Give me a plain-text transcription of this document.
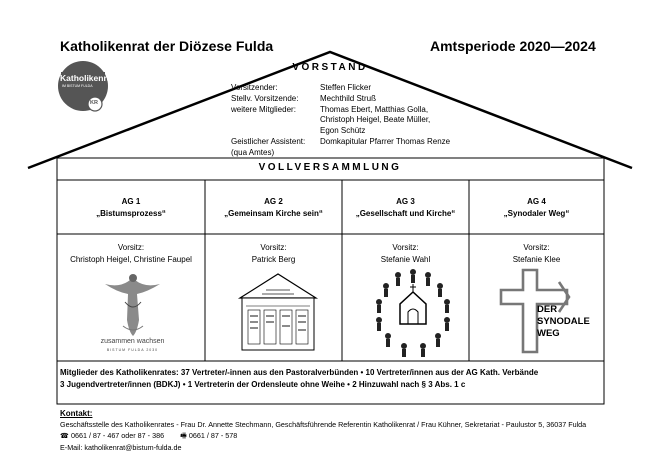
Katholikenrat der Diözese Fulda	Amtsperiode 2020—2024
Katholikenrat
IM BISTUM FULDA
KR
VORSTAND
Vorsitzender:
Stellv. Vorsitzende:
weitere Mitglieder:
Geistlicher Assistent:
(qua Amtes)
Steffen Flicker
Mechthild Struß
Thomas Ebert, Matthias Golla,
Christoph Heigel, Beate Müller,
Egon Schütz
Domkapitular Pfarrer Thomas Renze
VOLLVERSAMMLUNG
AG 1
„Bistumsprozess“
AG 2
„Gemeinsam Kirche sein“
AG 3
„Gesellschaft und Kirche“
AG 4
„Synodaler Weg“
Vorsitz:
Christoph Heigel, Christine Faupel
Vorsitz:
Patrick Berg
Vorsitz:
Stefanie Wahl
Vorsitz:
Stefanie Klee
zusammen wachsen
BISTUM FULDA 2030
DER
SYNODALE
WEG
Mitglieder des Katholikenrates: 37 Vertreter/-innen aus den Pastoralverbünden • 10 Vertreter/innen aus der AG Kath. Verbände
3 Jugendvertreter/innen (BDKJ) • 1 Vertreterin der Ordensleute ohne Weihe • 2 Hinzuwahl nach § 3 Abs. 1 c
Kontakt:
Geschäftsstelle des Katholikenrates - Frau Dr. Annette Stechmann, Geschäftsführende Referentin Katholikenrat / Frau Kühner, Sekretariat - Paulustor 5, 36037 Fulda
☎ 0661 / 87 - 467 oder 87 - 386 🖷 0661 / 87 - 578
E-Mail: katholikenrat@bistum-fulda.de
